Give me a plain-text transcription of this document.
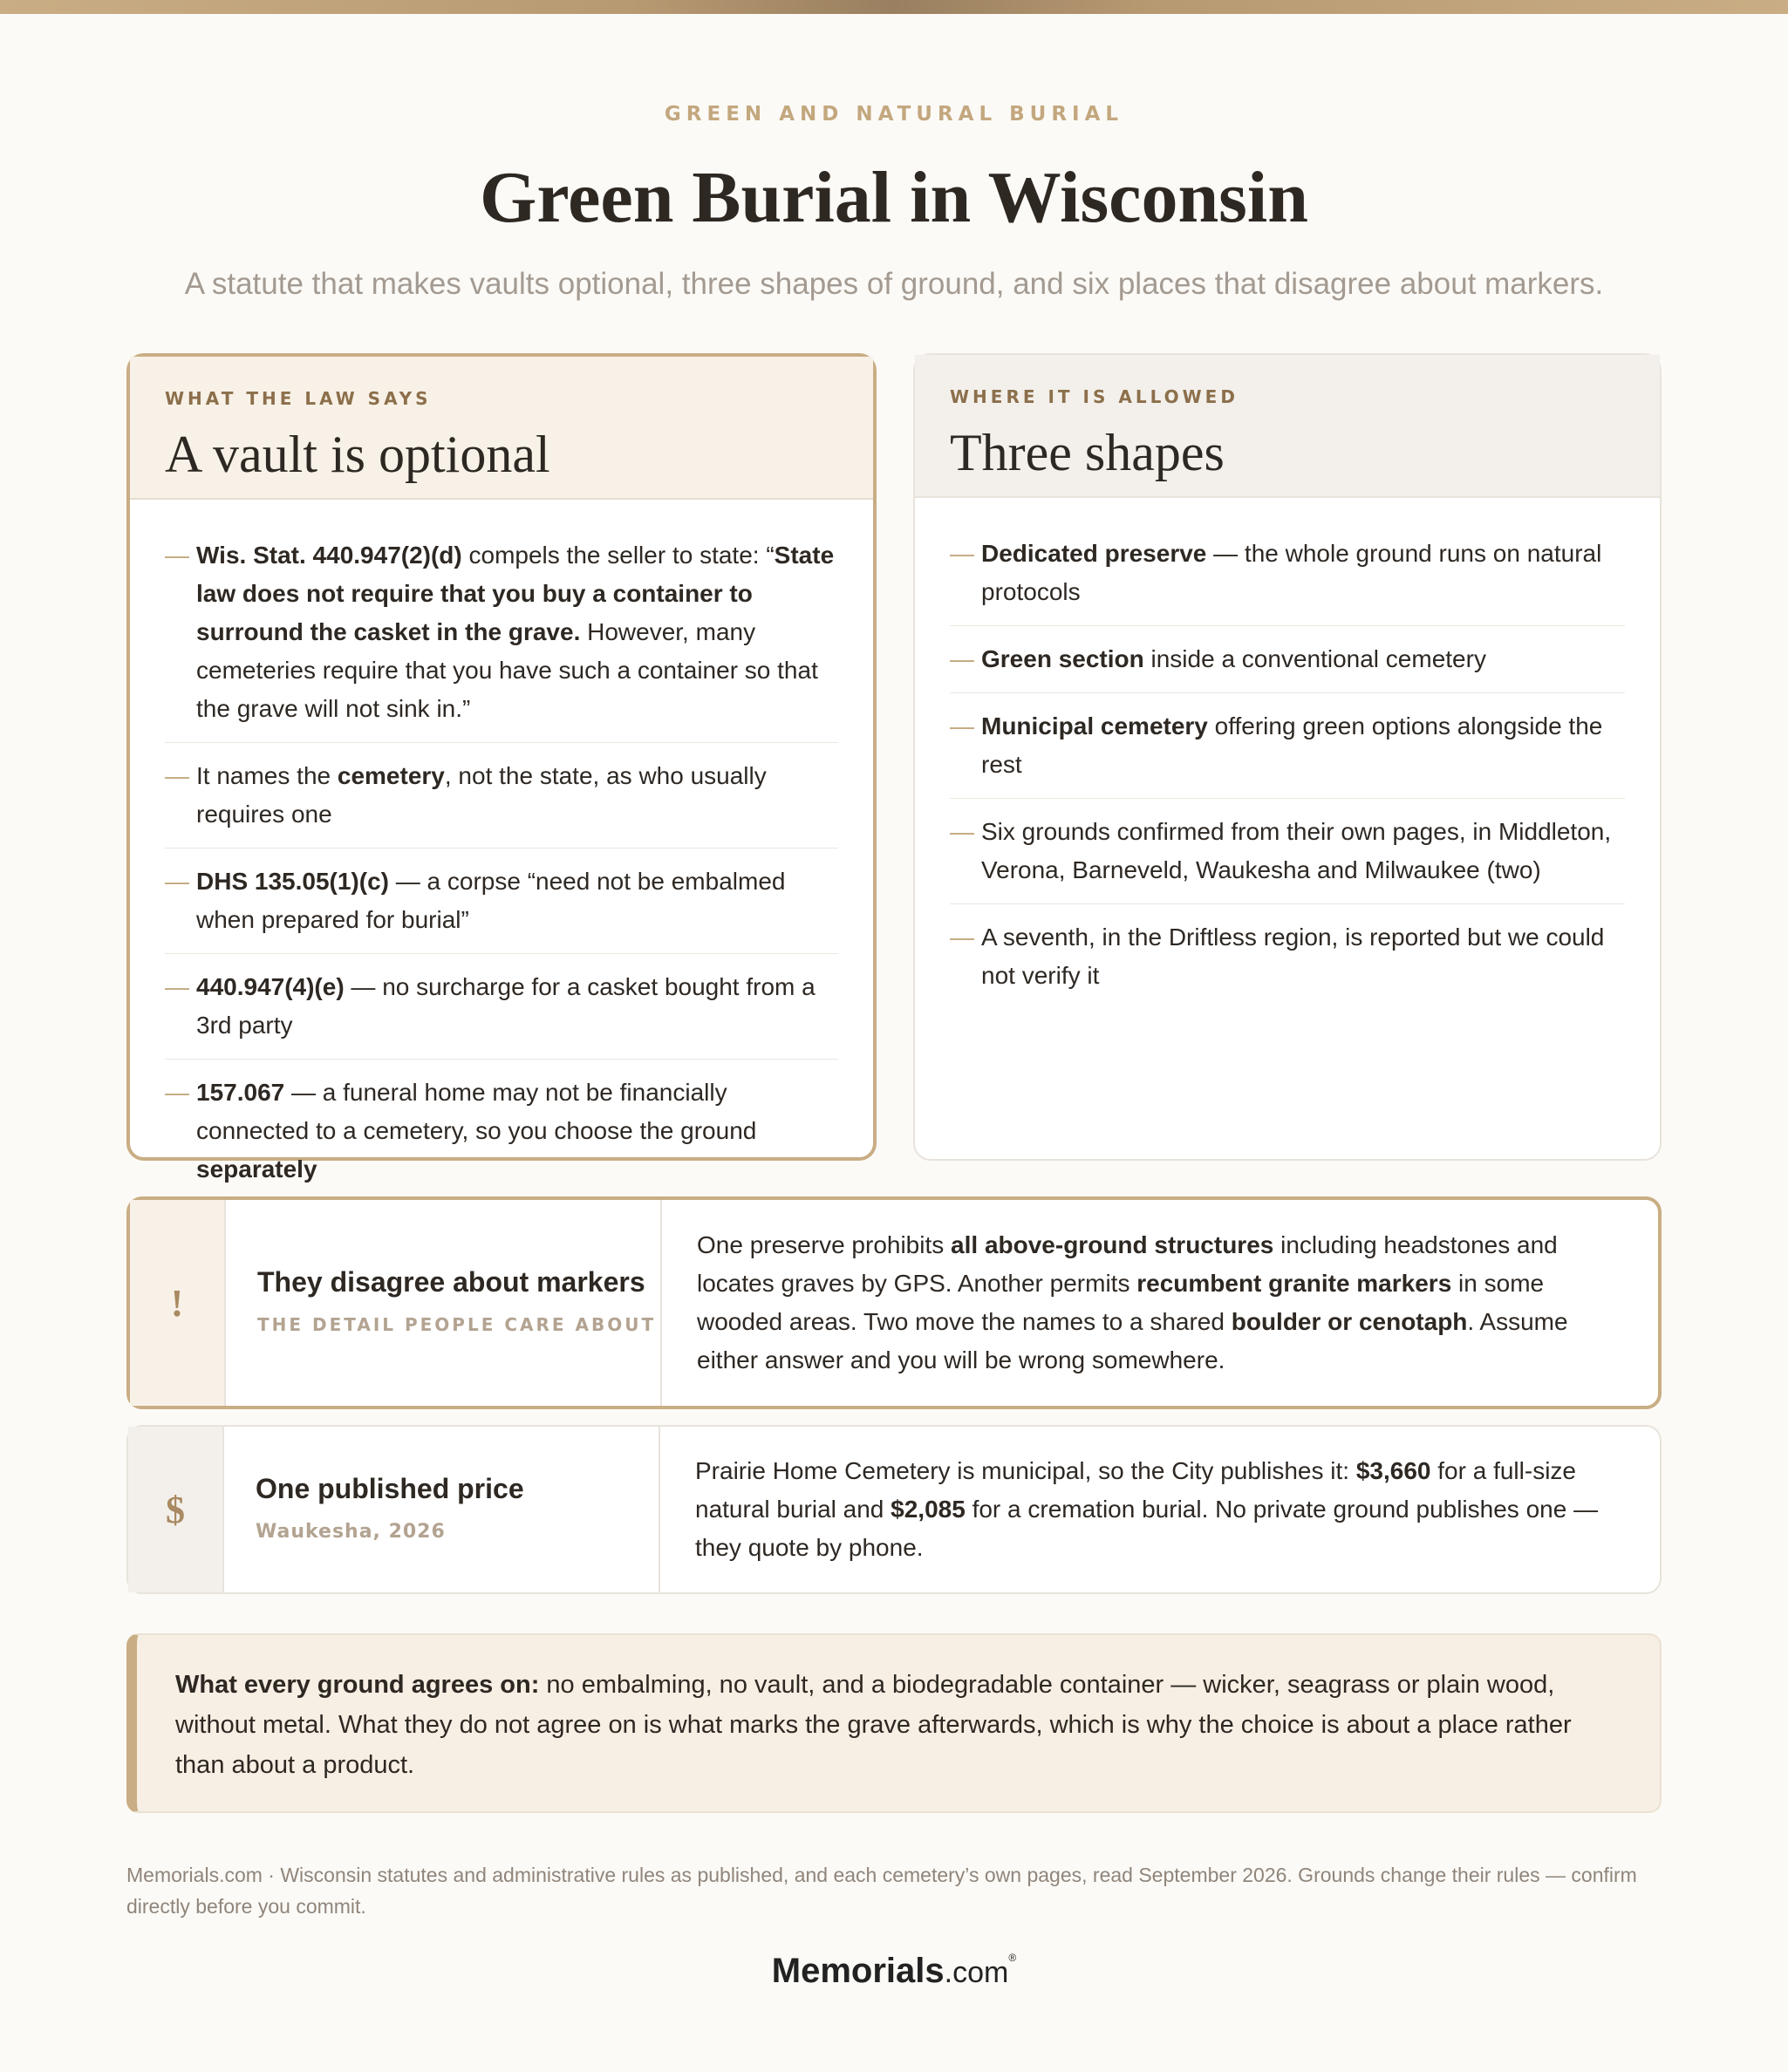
GREEN AND NATURAL BURIAL
Green Burial in Wisconsin
A statute that makes vaults optional, three shapes of ground, and six places that disagree about markers.
WHAT THE LAW SAYS
A vault is optional
— Wis. Stat. 440.947(2)(d) compels the seller to state: “State law does not require that you buy a container to surround the casket in the grave. However, many cemeteries require that you have such a container so that the grave will not sink in.”
— It names the cemetery, not the state, as who usually requires one
— DHS 135.05(1)(c) — a corpse “need not be embalmed when prepared for burial”
— 440.947(4)(e) — no surcharge for a casket bought from a 3rd party
— 157.067 — a funeral home may not be financially connected to a cemetery, so you choose the ground separately
WHERE IT IS ALLOWED
Three shapes
— Dedicated preserve — the whole ground runs on natural protocols
— Green section inside a conventional cemetery
— Municipal cemetery offering green options alongside the rest
— Six grounds confirmed from their own pages, in Middleton, Verona, Barneveld, Waukesha and Milwaukee (two)
— A seventh, in the Driftless region, is reported but we could not verify it
!	They disagree about markers
THE DETAIL PEOPLE CARE ABOUT
One preserve prohibits all above-ground structures including headstones and locates graves by GPS. Another permits recumbent granite markers in some wooded areas. Two move the names to a shared boulder or cenotaph. Assume either answer and you will be wrong somewhere.
$	One published price
Waukesha, 2026
Prairie Home Cemetery is municipal, so the City publishes it: $3,660 for a full-size natural burial and $2,085 for a cremation burial. No private ground publishes one — they quote by phone.
What every ground agrees on: no embalming, no vault, and a biodegradable container — wicker, seagrass or plain wood, without metal. What they do not agree on is what marks the grave afterwards, which is why the choice is about a place rather than about a product.

Memorials.com · Wisconsin statutes and administrative rules as published, and each cemetery’s own pages, read September 2026. Grounds change their rules — confirm directly before you commit.

Memorials.com®
